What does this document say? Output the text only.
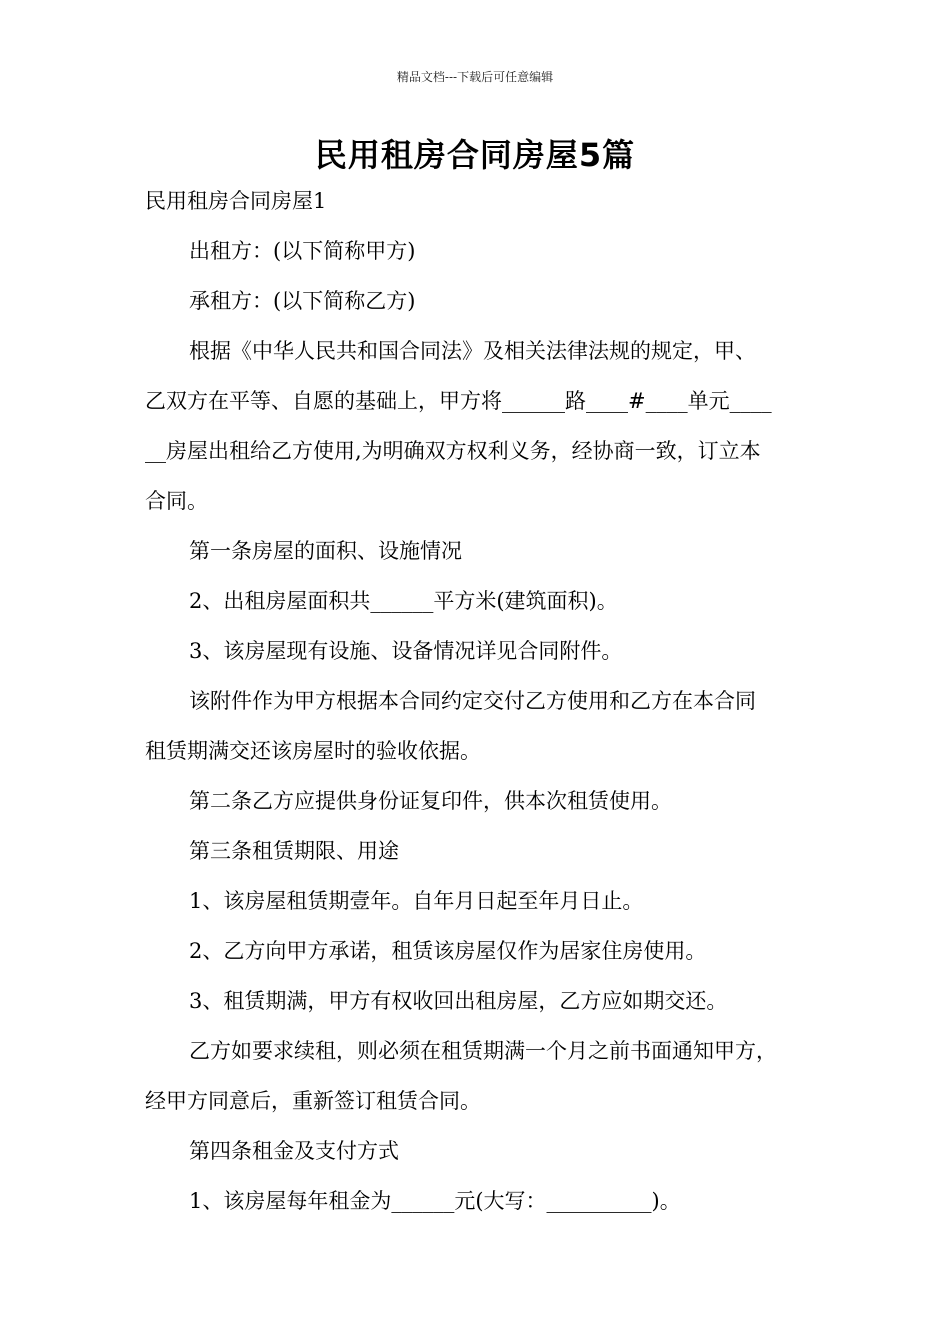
精品文档---下载后可任意编辑
民用租房合同房屋5篇
民用租房合同房屋1
出租方：(以下简称甲方)
承租方：(以下简称乙方)
根据《中华人民共和国合同法》及相关法律法规的规定，甲、
乙双方在平等、自愿的基础上，甲方将______路____#____单元____
__房屋出租给乙方使用,为明确双方权利义务，经协商一致，订立本
合同。
第一条房屋的面积、设施情况
2、出租房屋面积共______平方米(建筑面积)。
3、该房屋现有设施、设备情况详见合同附件。
该附件作为甲方根据本合同约定交付乙方使用和乙方在本合同
租赁期满交还该房屋时的验收依据。
第二条乙方应提供身份证复印件，供本次租赁使用。
第三条租赁期限、用途
1、该房屋租赁期壹年。自年月日起至年月日止。
2、乙方向甲方承诺，租赁该房屋仅作为居家住房使用。
3、租赁期满，甲方有权收回出租房屋，乙方应如期交还。
乙方如要求续租，则必须在租赁期满一个月之前书面通知甲方，
经甲方同意后，重新签订租赁合同。
第四条租金及支付方式
1、该房屋每年租金为______元(大写：__________)。
